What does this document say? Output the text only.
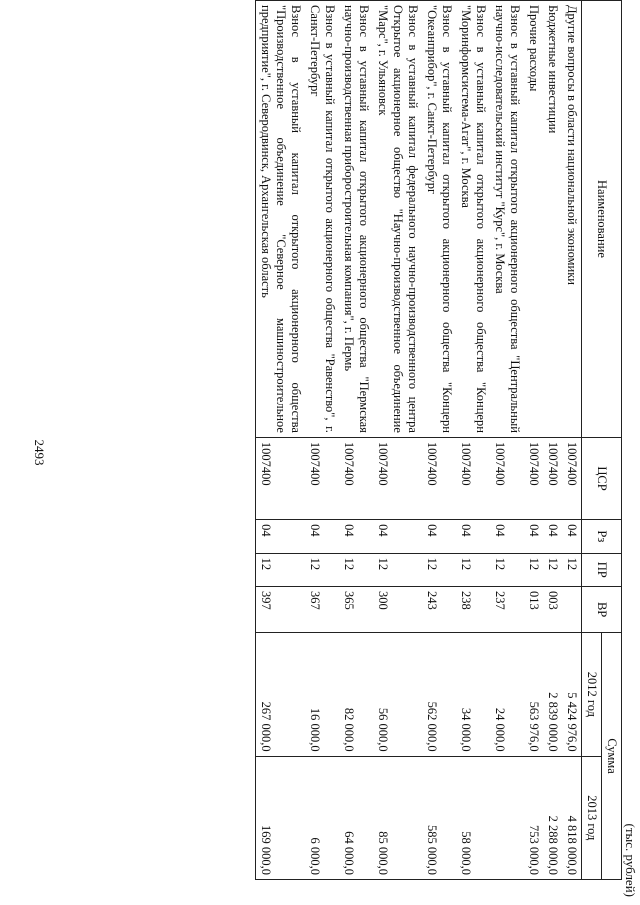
(тыс. рублей)
Наименование	ЦСР	Рз	ПР	ВР	Сумма	
					2012 год	2013 год
Другие вопросы в области национальной экономики	1007400	04	12		5 424 976,0	4 818 000,0
Бюджетные инвестиции	1007400	04	12	003	2 839 000,0	2 288 000,0
Прочие расходы	1007400	04	12	013	563 976,0	753 000,0
Взнос в уставный капитал открытого акционерного общества "Центральный научно-исследовательский институт "Курс", г. Москва	1007400	04	12	237	24 000,0	
Взнос в уставный капитал открытого акционерного общества "Концерн "Моринформсистема-Агат", г. Москва	1007400	04	12	238	34 000,0	58 000,0
Взнос в уставный капитал открытого акционерного общества "Концерн "Океанприбор", г. Санкт-Петербург	1007400	04	12	243	562 000,0	585 000,0
Взнос в уставный капитал федерального научно-производственного центра Открытое акционерное общество "Научно-производственное объединение "Марс", г. Ульяновск	1007400	04	12	300	56 000,0	85 000,0
Взнос в уставный капитал открытого акционерного общества "Пермская научно-производственная приборостроительная компания", г. Пермь	1007400	04	12	365	82 000,0	64 000,0
Взнос в уставный капитал открытого акционерного общества "Равенство", г. Санкт-Петербург	1007400	04	12	367	16 000,0	6 000,0
Взнос в уставный капитал открытого акционерного общества "Производственное объединение "Северное машиностроительное предприятие", г. Северодвинск, Архангельская область	1007400	04	12	397	267 000,0	169 000,0
2493
